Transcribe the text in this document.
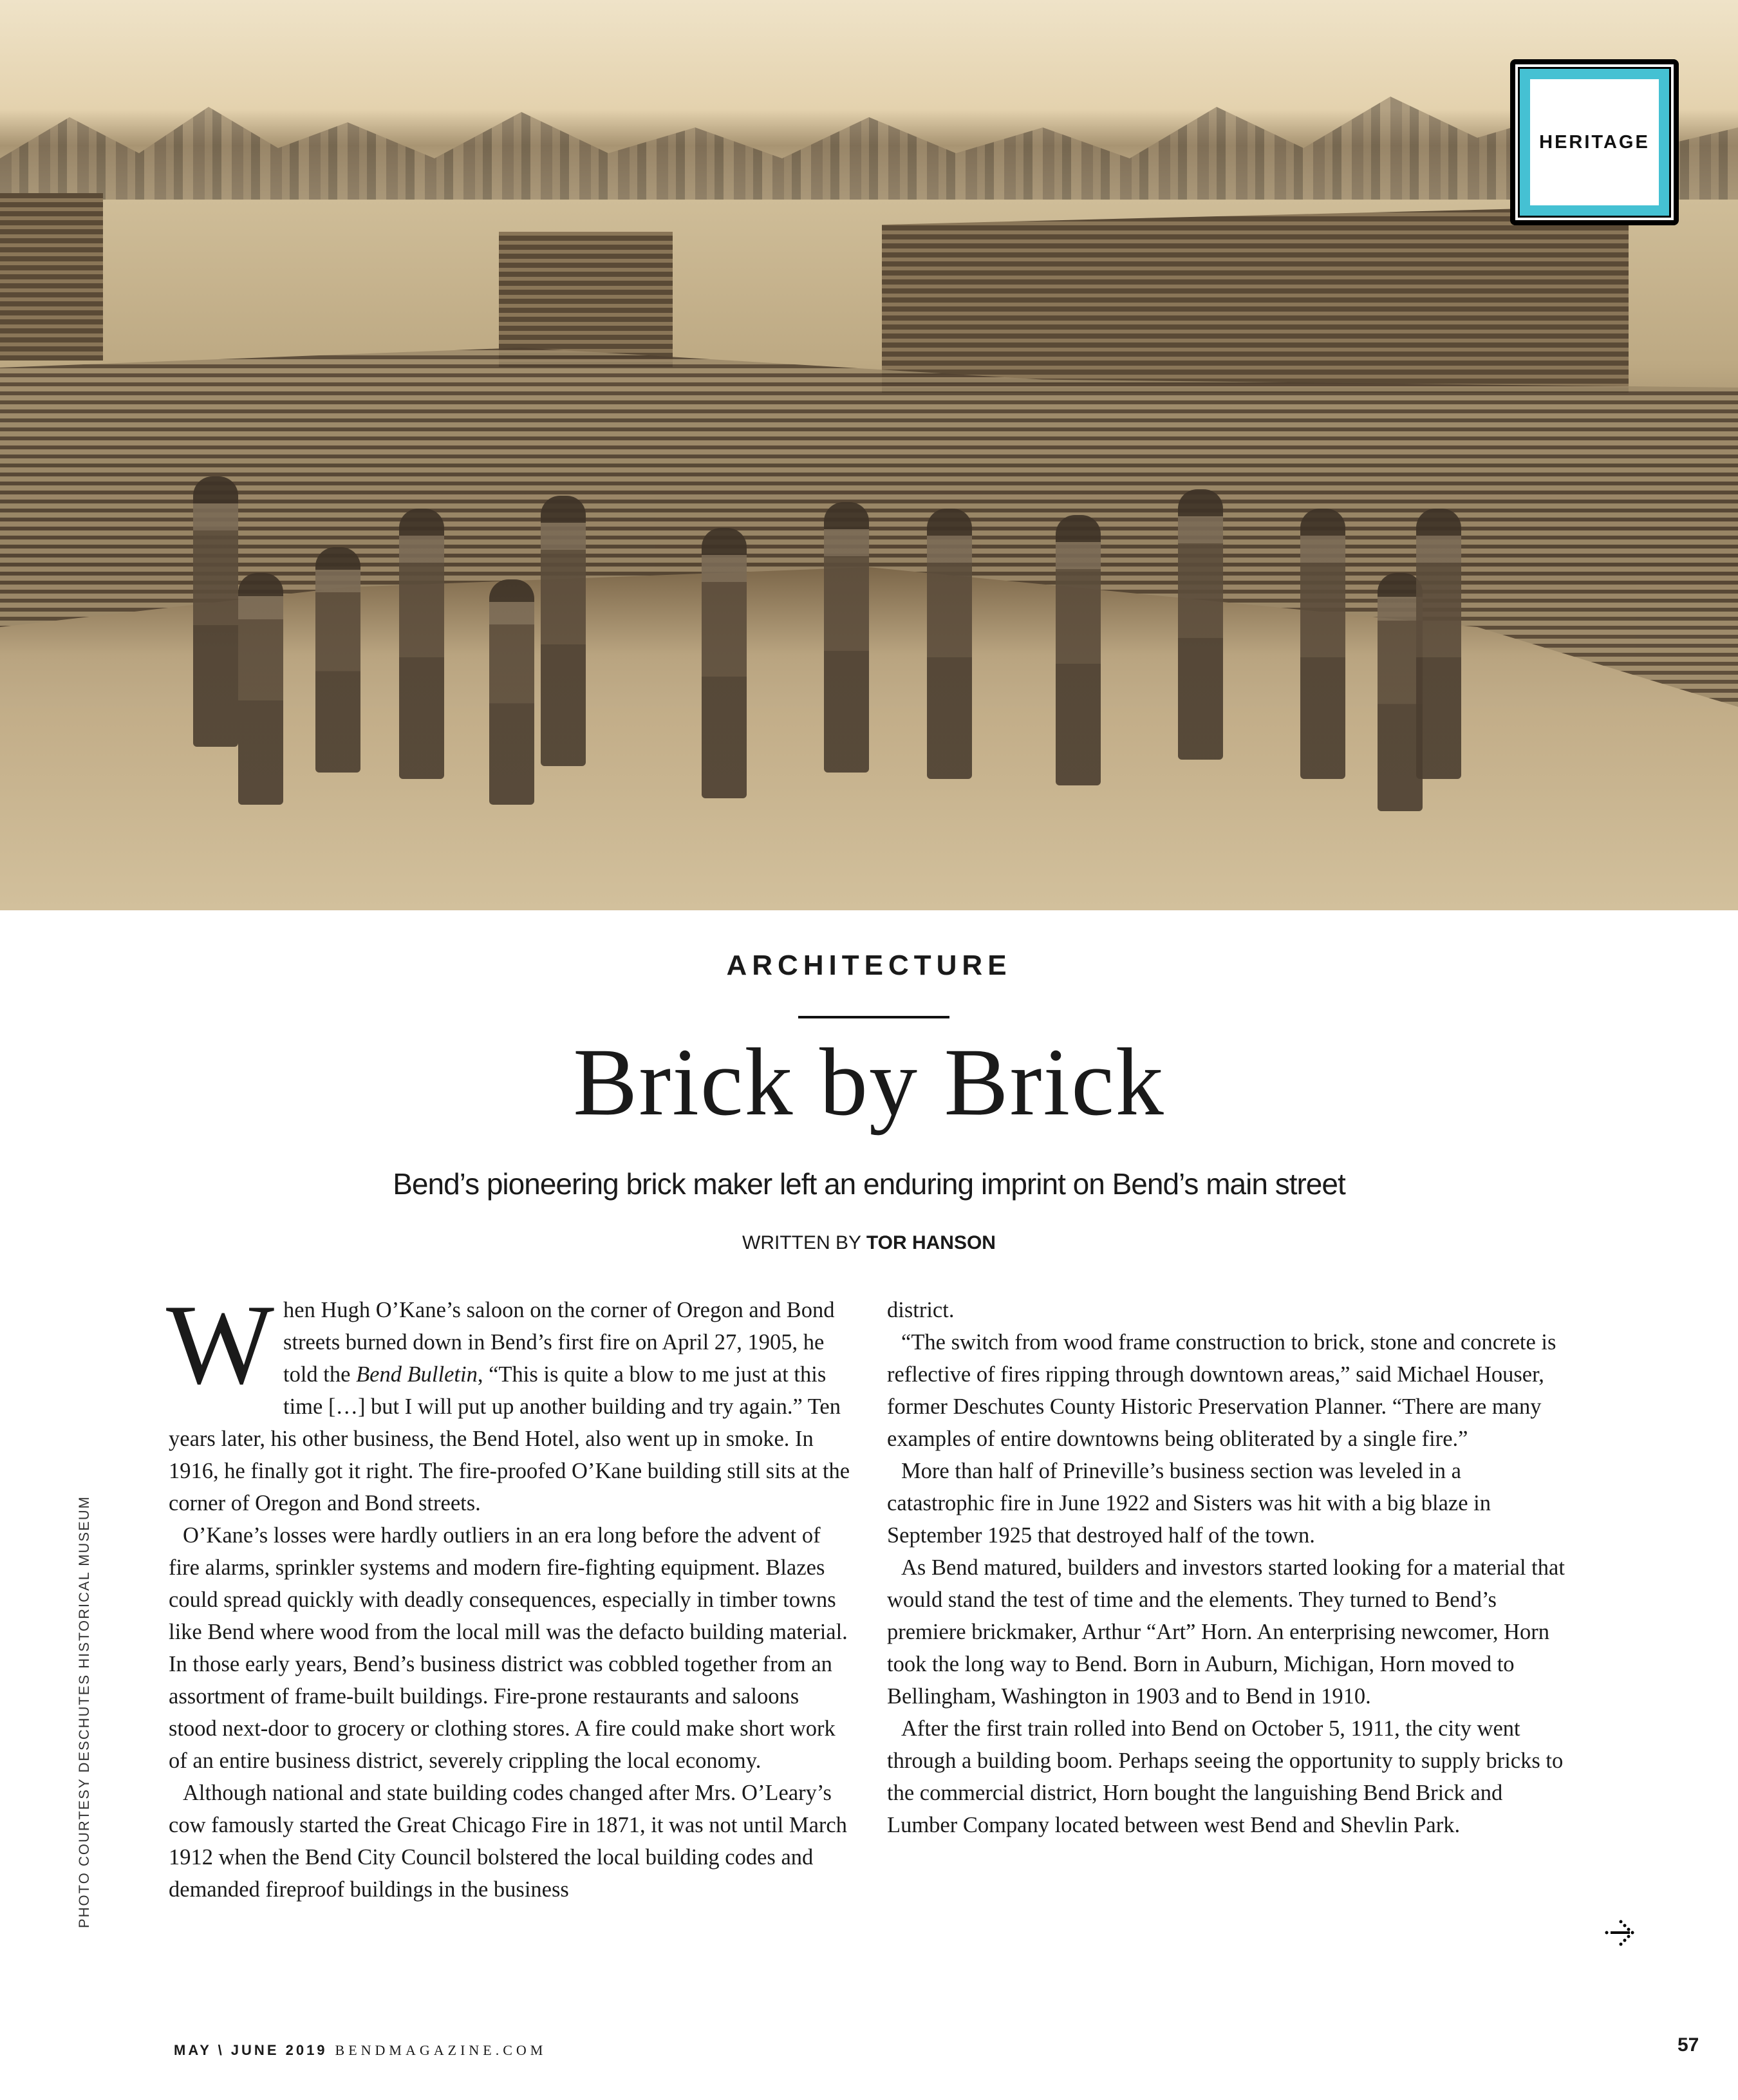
HERITAGE
ARCHITECTURE
Brick by Brick
Bend’s pioneering brick maker left an enduring imprint on Bend’s main street
WRITTEN BY TOR HANSON

When Hugh O’Kane’s saloon on the corner of Oregon and Bond streets burned down in Bend’s first fire on April 27, 1905, he told the Bend Bulletin, “This is quite a blow to me just at this time […] but I will put up another building and try again.” Ten years later, his other business, the Bend Hotel, also went up in smoke. In 1916, he finally got it right. The fire-proofed O’Kane building still sits at the corner of Oregon and Bond streets.

O’Kane’s losses were hardly outliers in an era long before the advent of fire alarms, sprinkler systems and modern fire-fighting equipment. Blazes could spread quickly with deadly consequences, especially in timber towns like Bend where wood from the local mill was the defacto building material. In those early years, Bend’s business district was cobbled together from an assortment of frame-built buildings. Fire-prone restaurants and saloons stood next-door to grocery or clothing stores. A fire could make short work of an entire business district, severely crippling the local economy.

Although national and state building codes changed after Mrs. O’Leary’s cow famously started the Great Chicago Fire in 1871, it was not until March 1912 when the Bend City Council bolstered the local building codes and demanded fireproof buildings in the business

district.

“The switch from wood frame construction to brick, stone and concrete is reflective of fires ripping through downtown areas,” said Michael Houser, former Deschutes County Historic Preservation Planner. “There are many examples of entire downtowns being obliterated by a single fire.”

More than half of Prineville’s business section was leveled in a catastrophic fire in June 1922 and Sisters was hit with a big blaze in September 1925 that destroyed half of the town.

As Bend matured, builders and investors started looking for a material that would stand the test of time and the elements. They turned to Bend’s premiere brickmaker, Arthur “Art” Horn. An enterprising newcomer, Horn took the long way to Bend. Born in Auburn, Michigan, Horn moved to Bellingham, Washington in 1903 and to Bend in 1910.

After the first train rolled into Bend on October 5, 1911, the city went through a building boom. Perhaps seeing the opportunity to supply bricks to the commercial district, Horn bought the languishing Bend Brick and Lumber Company located between west Bend and Shevlin Park.

PHOTO COURTESY DESCHUTES HISTORICAL MUSEUM
MAY \ JUNE 2019 BENDMAGAZINE.COM	57
